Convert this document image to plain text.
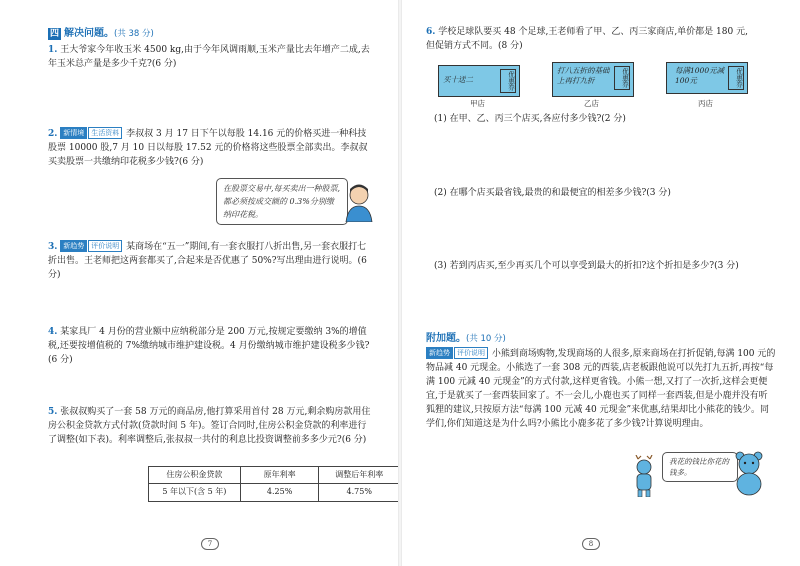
四 解决问题。(共 38 分)
1. 王大爷家今年收玉米 4500 kg,由于今年风调雨顺,玉米产量比去年增产二成,去年玉米总产量是多少千克?(6 分)
2. 新情境 生活资料 李叔叔 3 月 17 日下午以每股 14.16 元的价格买进一种科技股票 10000 股,7 月 10 日以每股 17.52 元的价格将这些股票全部卖出。李叔叔买卖股票一共缴纳印花税多少钱?(6 分)
在股票交易中,每买卖出一种股票,都必须按成交额的 0.3%分别缴纳印花税。
3. 新趋势 评价说明 某商场在“五一”期间,有一套衣服打八折出售,另一套衣服打七折出售。王老师把这两套都买了,合起来是否优惠了 50%?写出理由进行说明。(6 分)
4. 某家具厂 4 月份的营业额中应纳税部分是 200 万元,按规定要缴纳 3%的增值税,还要按增值税的 7%缴纳城市维护建设税。4 月份缴纳城市维护建设税多少钱?(6 分)
5. 张叔叔购买了一套 58 万元的商品房,他打算采用首付 28 万元,剩余购房款用住房公积金贷款方式付款(贷款时间 5 年)。签订合同时,住房公积金贷款的利率进行了调整(如下表)。利率调整后,张叔叔一共付的利息比投资调整前多多少元?(6 分)
住房公积金贷款	原年利率	调整后年利率
5 年以下(含 5 年)	4.25%	4.75%
7
6. 学校足球队要买 48 个足球,王老师看了甲、乙、丙三家商店,单价都是 180 元,但促销方式不同。(8 分)
买十送二	优惠券
甲店
打八五折的基础上再打九折	优惠券
乙店
每满1000元减100元	优惠券
丙店
(1) 在甲、乙、丙三个店买,各应付多少钱?(2 分)
(2) 在哪个店买最省钱,最贵的和最便宜的相差多少钱?(3 分)
(3) 若到丙店买,至少再买几个可以享受到最大的折扣?这个折扣是多少?(3 分)
附加题。(共 10 分)
新趋势 评价说明 小熊到商场购物,发现商场的人很多,原来商场在打折促销,每满 100 元的物品减 40 元现金。小熊选了一套 308 元的西装,店老板跟他说可以先打九五折,再按“每满 100 元减 40 元现金”的方式付款,这样更省钱。小熊一想,又打了一次折,这样会更便宜,于是就买了一套西装回家了。不一会儿,小鹿也买了同样一套西装,但是小鹿并没有听狐狸的建议,只按原方法“每满 100 元减 40 元现金”来优惠,结果却比小熊花的钱少。同学们,你们知道这是为什么吗?小熊比小鹿多花了多少钱?计算说明理由。
我花的钱比你花的钱多。
8
